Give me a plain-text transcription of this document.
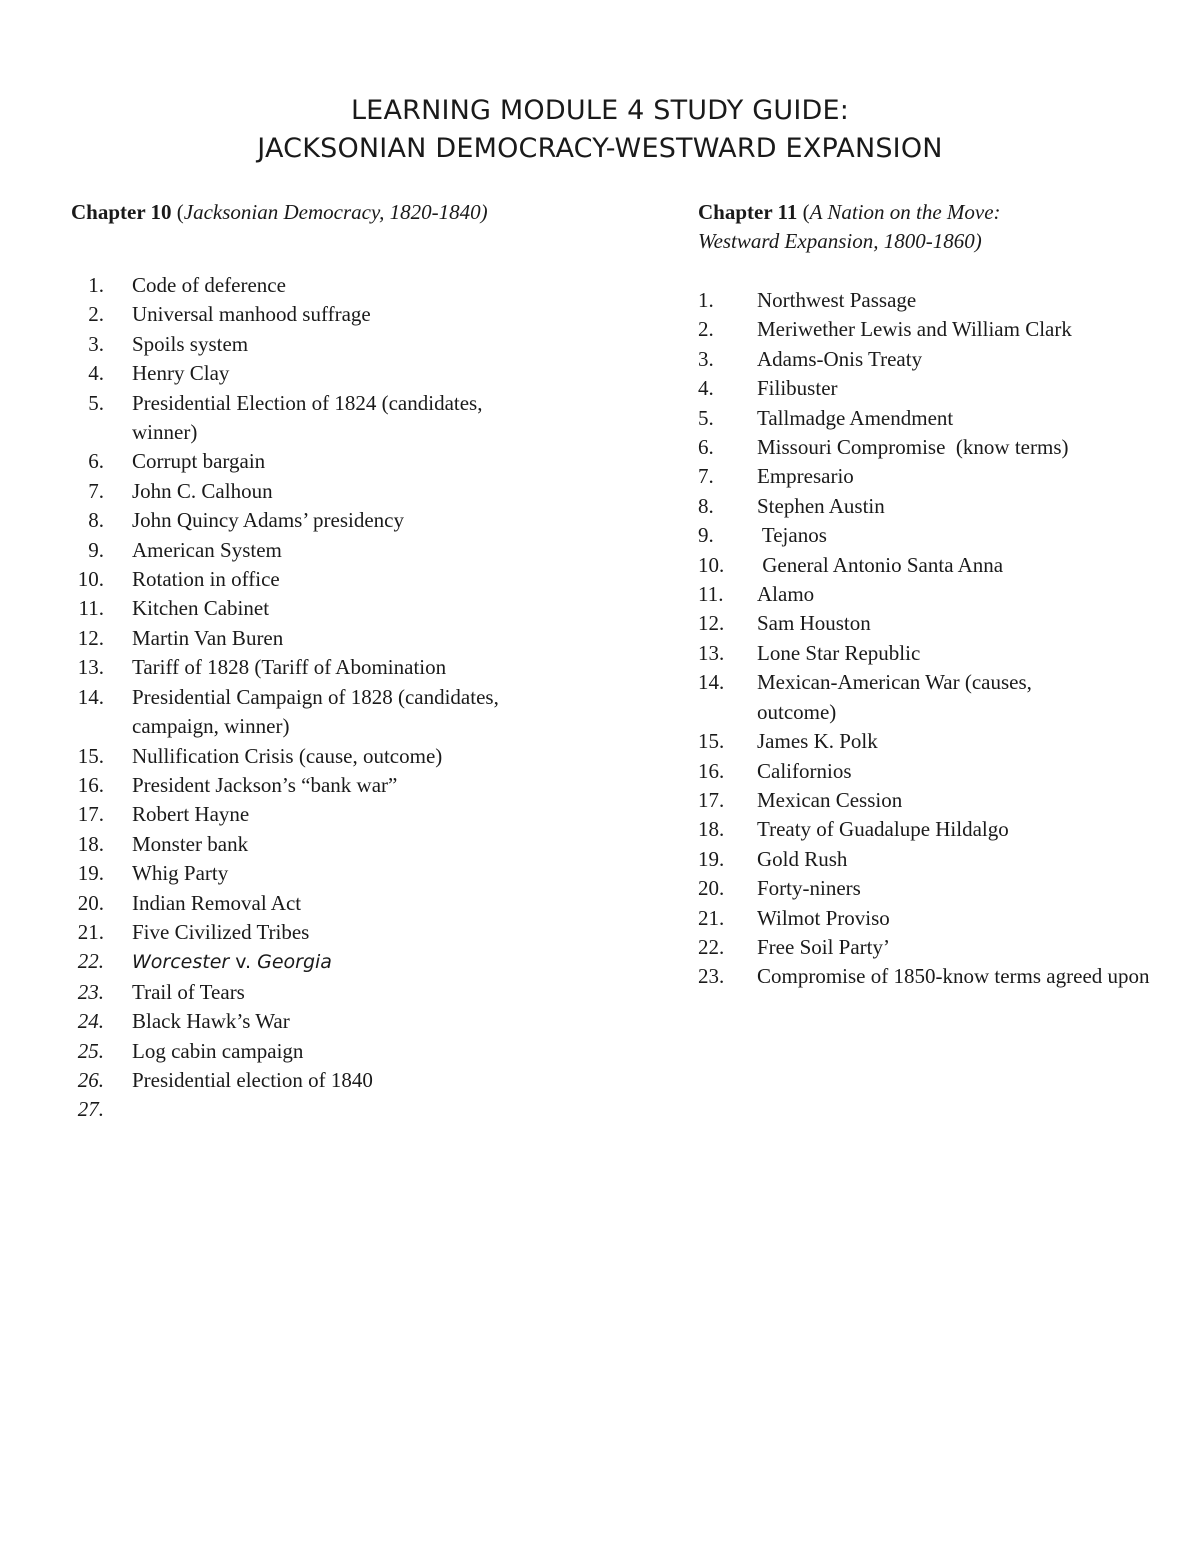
LEARNING MODULE 4 STUDY GUIDE:
JACKSONIAN DEMOCRACY-WESTWARD EXPANSION

Chapter 10 (Jacksonian Democracy, 1820-1840)

1.	Code of deference
2.	Universal manhood suffrage
3.	Spoils system
4.	Henry Clay
5.	Presidential Election of 1824 (candidates, winner)
6.	Corrupt bargain
7.	John C. Calhoun
8.	John Quincy Adams’ presidency
9.	American System
10.	Rotation in office
11.	Kitchen Cabinet
12.	Martin Van Buren
13.	Tariff of 1828 (Tariff of Abomination
14.	Presidential Campaign of 1828 (candidates, campaign, winner)
15.	Nullification Crisis (cause, outcome)
16.	President Jackson’s “bank war”
17.	Robert Hayne
18.	Monster bank
19.	Whig Party
20.	Indian Removal Act
21.	Five Civilized Tribes
22.	Worcester v. Georgia
23.	Trail of Tears
24.	Black Hawk’s War
25.	Log cabin campaign
26.	Presidential election of 1840
27.

Chapter 11 (A Nation on the Move: Westward Expansion, 1800-1860)

1.	Northwest Passage
2.	Meriwether Lewis and William Clark
3.	Adams-Onis Treaty
4.	Filibuster
5.	Tallmadge Amendment
6.	Missouri Compromise  (know terms)
7.	Empresario
8.	Stephen Austin
9.	Tejanos
10.	General Antonio Santa Anna
11.	Alamo
12.	Sam Houston
13.	Lone Star Republic
14.	Mexican-American War (causes, outcome)
15.	James K. Polk
16.	Californios
17.	Mexican Cession
18.	Treaty of Guadalupe Hildalgo
19.	Gold Rush
20.	Forty-niners
21.	Wilmot Proviso
22.	Free Soil Party’
23.	Compromise of 1850-know terms agreed upon
